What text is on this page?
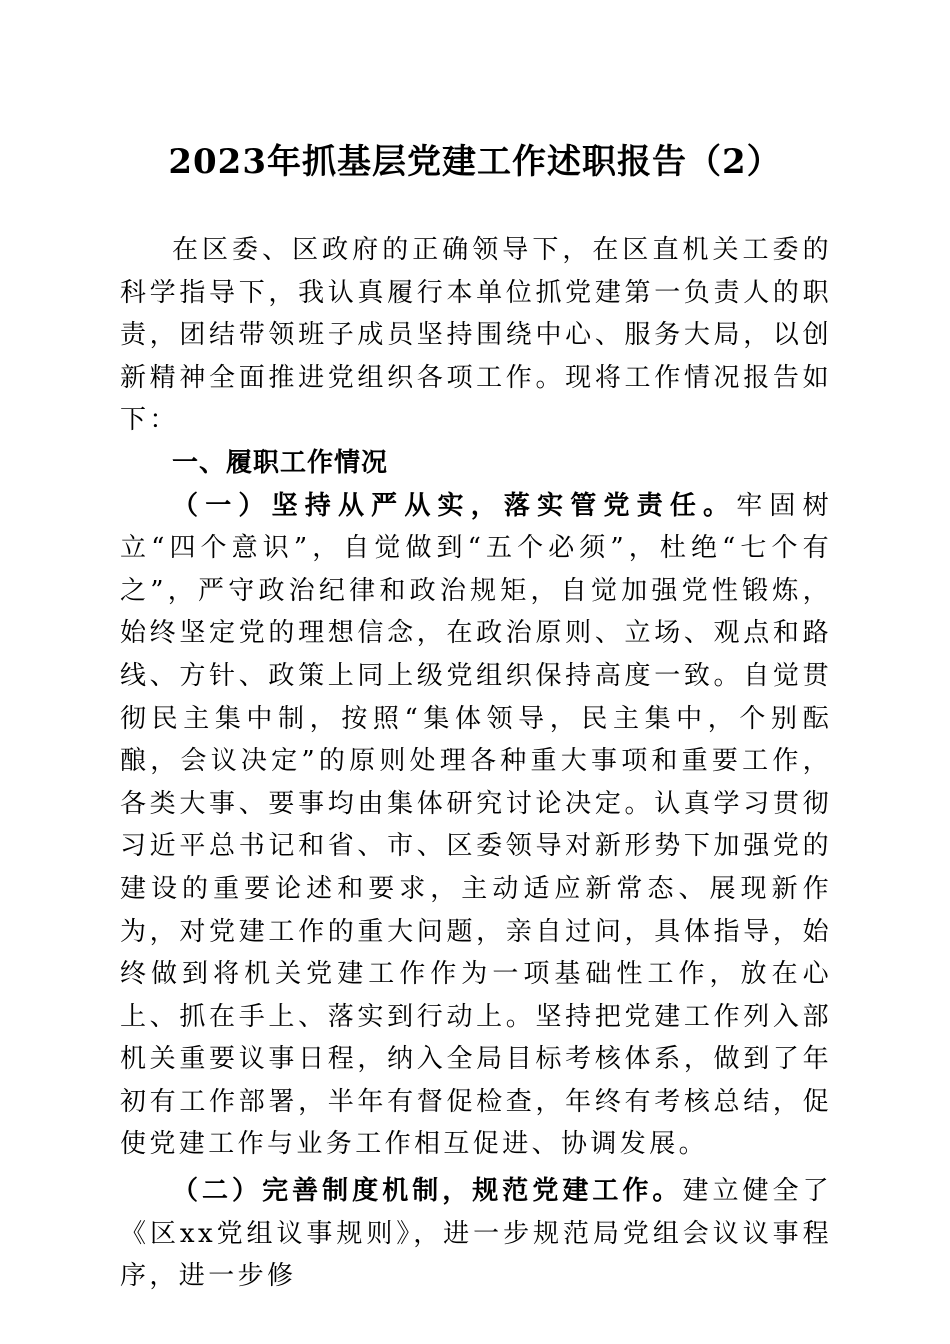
2023年抓基层党建工作述职报告（2）

在区委、区政府的正确领导下，在区直机关工委的科学指导下，我认真履行本单位抓党建第一负责人的职责，团结带领班子成员坚持围绕中心、服务大局，以创新精神全面推进党组织各项工作。现将工作情况报告如下：

一、履职工作情况

（一）坚持从严从实，落实管党责任。牢固树立“四个意识”，自觉做到“五个必须”，杜绝“七个有之”，严守政治纪律和政治规矩，自觉加强党性锻炼，始终坚定党的理想信念，在政治原则、立场、观点和路线、方针、政策上同上级党组织保持高度一致。自觉贯彻民主集中制，按照“集体领导，民主集中，个别酝酿，会议决定”的原则处理各种重大事项和重要工作，各类大事、要事均由集体研究讨论决定。认真学习贯彻习近平总书记和省、市、区委领导对新形势下加强党的建设的重要论述和要求，主动适应新常态、展现新作为，对党建工作的重大问题，亲自过问，具体指导，始终做到将机关党建工作作为一项基础性工作，放在心上、抓在手上、落实到行动上。坚持把党建工作列入部机关重要议事日程，纳入全局目标考核体系，做到了年初有工作部署，半年有督促检查，年终有考核总结，促使党建工作与业务工作相互促进、协调发展。

（二）完善制度机制，规范党建工作。建立健全了《区xx党组议事规则》，进一步规范局党组会议议事程序，进一步修
